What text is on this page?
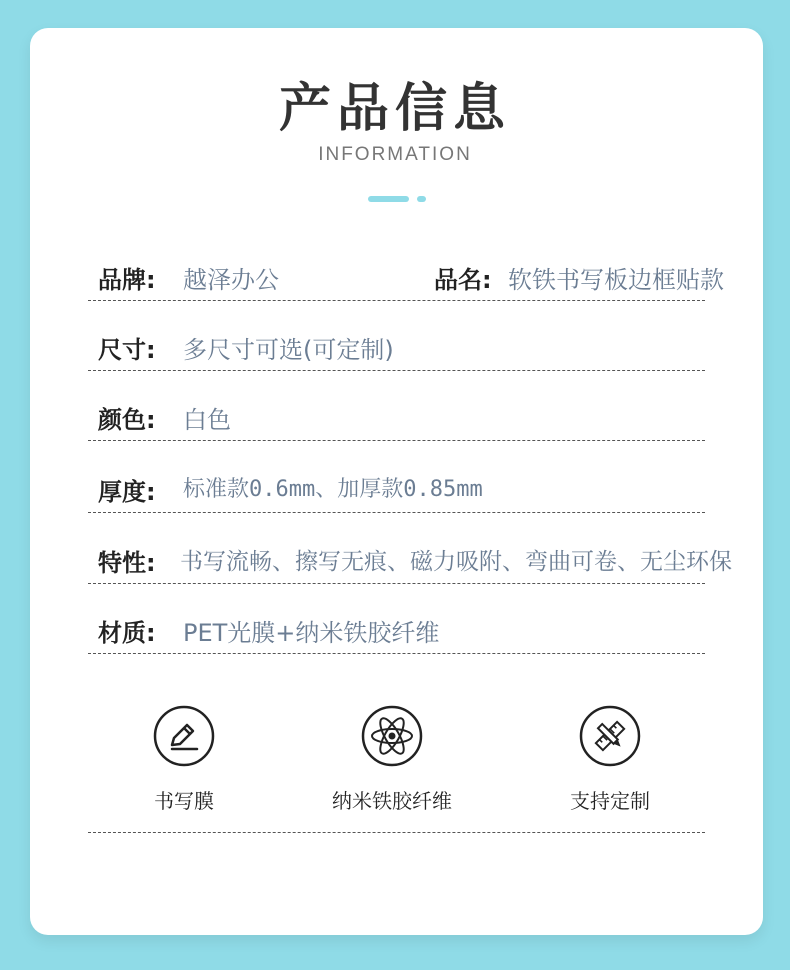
产品信息
INFORMATION
品牌: 越泽办公	品名: 软铁书写板边框贴款
尺寸: 多尺寸可选(可定制)
颜色: 白色
厚度: 标准款0.6mm、加厚款0.85mm
特性: 书写流畅、擦写无痕、磁力吸附、弯曲可卷、无尘环保
材质: PET光膜+纳米铁胶纤维
书写膜	纳米铁胶纤维	支持定制
